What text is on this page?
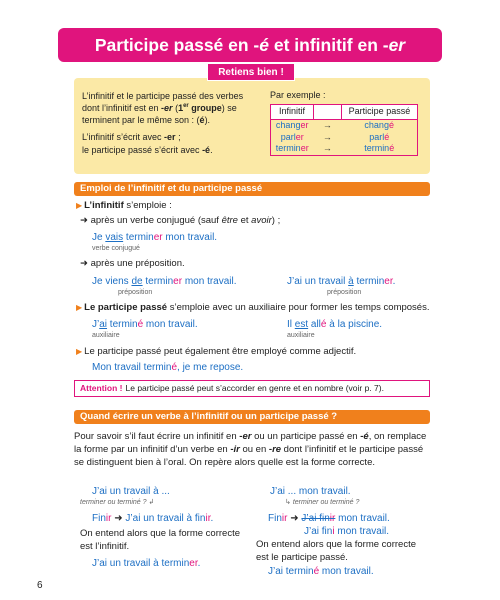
Participe passé en -é et infinitif en -er
Retiens bien !

L’infinitif et le participe passé des verbes dont l’infinitif est en -er (1er groupe) se terminent par le même son : (é).

L’infinitif s’écrit avec -er ;
le participe passé s’écrit avec -é.

Par exemple :
Infinitif		Participe passé
changer	→	changé
parler	→	parlé
terminer	→	terminé
Emploi de l’infinitif et du participe passé
▶ L’infinitif s’emploie :
➜ après un verbe conjugué (sauf être et avoir) ;
Je vais terminer mon travail.
verbe conjugué
➜ après une préposition.
Je viens de terminer mon travail.
préposition
J’ai un travail à terminer.
préposition
▶ Le participe passé s’emploie avec un auxiliaire pour former les temps composés.
J’ai terminé mon travail.
auxiliaire
Il est allé à la piscine.
auxiliaire
▶ Le participe passé peut également être employé comme adjectif.
Mon travail terminé, je me repose.
Attention ! Le participe passé peut s’accorder en genre et en nombre (voir p. 7).
Quand écrire un verbe à l’infinitif ou un participe passé ?
Pour savoir s’il faut écrire un infinitif en -er ou un participe passé en -é, on remplace la forme par un infinitif d’un verbe en -ir ou en -re dont l’infinitif et le participe passé se distinguent bien à l’oral. On repère alors quelle est la forme correcte.
J’ai un travail à ...
terminer ou terminé ? ↲
Finir ➜ J’ai un travail à finir.
On entend alors que la forme correcte est l’infinitif.
J’ai un travail à terminer.
J’ai ... mon travail.
↳ terminer ou terminé ?
Finir ➜ J’ai finir mon travail.
J’ai fini mon travail.
On entend alors que la forme correcte est le participe passé.
J’ai terminé mon travail.
6
